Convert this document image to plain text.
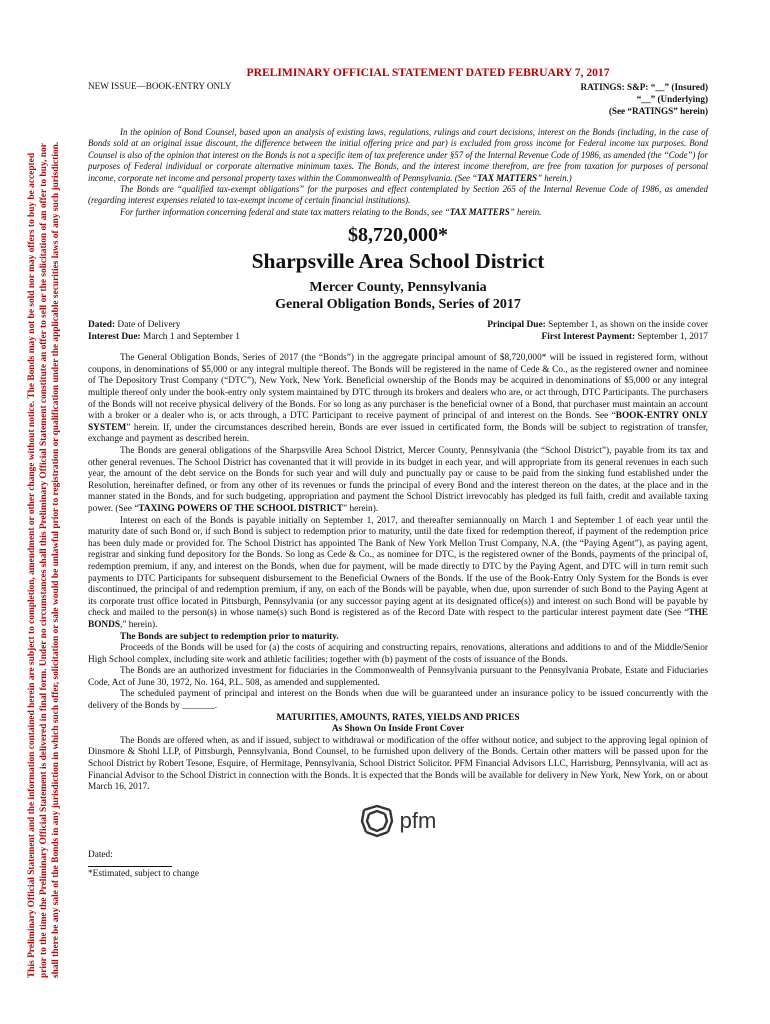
This Preliminary Official Statement and the information contained herein are subject to completion, amendment or other change without notice. The Bonds may not be sold nor may offers to buy be accepted prior to the time the Preliminary Official Statement is delivered in final form. Under no circumstances shall this Preliminary Official Statement constitute an offer to sell or the solicitation of an offer to buy, nor shall there be any sale of the Bonds in any jurisdiction in which such offer, solicitation or sale would be unlawful prior to registration or qualification under the applicable securities laws of any such jurisdiction.
PRELIMINARY OFFICIAL STATEMENT DATED FEBRUARY 7, 2017
NEW ISSUE—BOOK-ENTRY ONLY	RATINGS: S&P: “__” (Insured)
“__” (Underlying)
(See “RATINGS” herein)

In the opinion of Bond Counsel, based upon an analysis of existing laws, regulations, rulings and court decisions, interest on the Bonds (including, in the case of Bonds sold at an original issue discount, the difference between the initial offering price and par) is excluded from gross income for Federal income tax purposes. Bond Counsel is also of the opinion that interest on the Bonds is not a specific item of tax preference under §57 of the Internal Revenue Code of 1986, as amended (the “Code”) for purposes of Federal individual or corporate alternative minimum taxes. The Bonds, and the interest income therefrom, are free from taxation for purposes of personal income, corporate net income and personal property taxes within the Commonwealth of Pennsylvania. (See “TAX MATTERS” herein.)

The Bonds are “qualified tax-exempt obligations” for the purposes and effect contemplated by Section 265 of the Internal Revenue Code of 1986, as amended (regarding interest expenses related to tax-exempt income of certain financial institutions).

For further information concerning federal and state tax matters relating to the Bonds, see “TAX MATTERS” herein.

$8,720,000*
Sharpsville Area School District
Mercer County, Pennsylvania
General Obligation Bonds, Series of 2017
Dated: Date of Delivery
Interest Due: March 1 and September 1
Principal Due: September 1, as shown on the inside cover
First Interest Payment: September 1, 2017

The General Obligation Bonds, Series of 2017 (the “Bonds”) in the aggregate principal amount of $8,720,000* will be issued in registered form, without coupons, in denominations of $5,000 or any integral multiple thereof. The Bonds will be registered in the name of Cede & Co., as the registered owner and nominee of The Depository Trust Company (“DTC”), New York, New York. Beneficial ownership of the Bonds may be acquired in denominations of $5,000 or any integral multiple thereof only under the book-entry only system maintained by DTC through its brokers and dealers who are, or act through, DTC Participants. The purchasers of the Bonds will not receive physical delivery of the Bonds. For so long as any purchaser is the beneficial owner of a Bond, that purchaser must maintain an account with a broker or a dealer who is, or acts through, a DTC Participant to receive payment of principal of and interest on the Bonds. See “BOOK-ENTRY ONLY SYSTEM” herein. If, under the circumstances described herein, Bonds are ever issued in certificated form, the Bonds will be subject to registration of transfer, exchange and payment as described herein.

The Bonds are general obligations of the Sharpsville Area School District, Mercer County, Pennsylvania (the “School District”), payable from its tax and other general revenues. The School District has covenanted that it will provide in its budget in each year, and will appropriate from its general revenues in each such year, the amount of the debt service on the Bonds for such year and will duly and punctually pay or cause to be paid from the sinking fund established under the Resolution, hereinafter defined, or from any other of its revenues or funds the principal of every Bond and the interest thereon on the dates, at the place and in the manner stated in the Bonds, and for such budgeting, appropriation and payment the School District irrevocably has pledged its full faith, credit and available taxing power. (See “TAXING POWERS OF THE SCHOOL DISTRICT” herein).

Interest on each of the Bonds is payable initially on September 1, 2017, and thereafter semiannually on March 1 and September 1 of each year until the maturity date of such Bond or, if such Bond is subject to redemption prior to maturity, until the date fixed for redemption thereof, if payment of the redemption price has been duly made or provided for. The School District has appointed The Bank of New York Mellon Trust Company, N.A. (the “Paying Agent”), as paying agent, registrar and sinking fund depository for the Bonds. So long as Cede & Co., as nominee for DTC, is the registered owner of the Bonds, payments of the principal of, redemption premium, if any, and interest on the Bonds, when due for payment, will be made directly to DTC by the Paying Agent, and DTC will in turn remit such payments to DTC Participants for subsequent disbursement to the Beneficial Owners of the Bonds. If the use of the Book-Entry Only System for the Bonds is ever discontinued, the principal of and redemption premium, if any, on each of the Bonds will be payable, when due, upon surrender of such Bond to the Paying Agent at its corporate trust office located in Pittsburgh, Pennsylvania (or any successor paying agent at its designated office(s)) and interest on such Bond will be payable by check and mailed to the person(s) in whose name(s) such Bond is registered as of the Record Date with respect to the particular interest payment date (See “THE BONDS,” herein).

The Bonds are subject to redemption prior to maturity.

Proceeds of the Bonds will be used for (a) the costs of acquiring and constructing repairs, renovations, alterations and additions to and of the Middle/Senior High School complex, including site work and athletic facilities; together with (b) payment of the costs of issuance of the Bonds.

The Bonds are an authorized investment for fiduciaries in the Commonwealth of Pennsylvania pursuant to the Pennsylvania Probate, Estate and Fiduciaries Code, Act of June 30, 1972, No. 164, P.L. 508, as amended and supplemented.

The scheduled payment of principal and interest on the Bonds when due will be guaranteed under an insurance policy to be issued concurrently with the delivery of the Bonds by _______.

MATURITIES, AMOUNTS, RATES, YIELDS AND PRICES

As Shown On Inside Front Cover

The Bonds are offered when, as and if issued, subject to withdrawal or modification of the offer without notice, and subject to the approving legal opinion of Dinsmore & Shohl LLP, of Pittsburgh, Pennsylvania, Bond Counsel, to be furnished upon delivery of the Bonds. Certain other matters will be passed upon for the School District by Robert Tesone, Esquire, of Hermitage, Pennsylvania, School District Solicitor. PFM Financial Advisors LLC, Harrisburg, Pennsylvania, will act as Financial Advisor to the School District in connection with the Bonds. It is expected that the Bonds will be available for delivery in New York, New York, on or about March 16, 2017.

pfm
Dated:
*Estimated, subject to change
